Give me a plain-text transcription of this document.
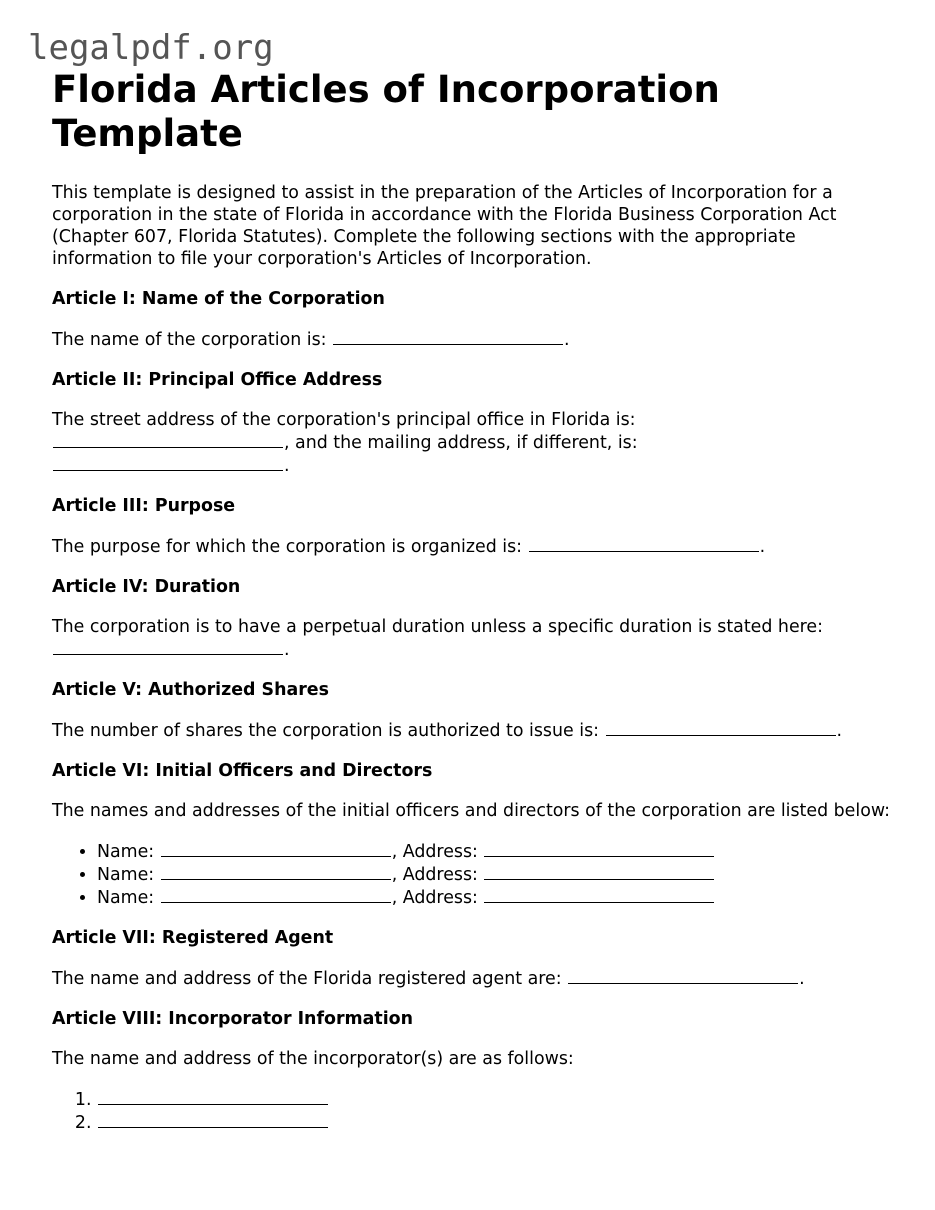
legalpdf.org
Florida Articles of Incorporation Template

This template is designed to assist in the preparation of the Articles of Incorporation for a corporation in the state of Florida in accordance with the Florida Business Corporation Act (Chapter 607, Florida Statutes). Complete the following sections with the appropriate information to file your corporation's Articles of Incorporation.

Article I: Name of the Corporation

The name of the corporation is:	.

Article II: Principal Office Address

The street address of the corporation's principal office in Florida is:
, and the mailing address, if different, is:
.

Article III: Purpose

The purpose for which the corporation is organized is:	.

Article IV: Duration

The corporation is to have a perpetual duration unless a specific duration is stated here:
.

Article V: Authorized Shares

The number of shares the corporation is authorized to issue is:	.

Article VI: Initial Officers and Directors

The names and addresses of the initial officers and directors of the corporation are listed below:

• Name:	, Address:
• Name:	, Address:
• Name:	, Address:
Article VII: Registered Agent

The name and address of the Florida registered agent are:	.

Article VIII: Incorporator Information

The name and address of the incorporator(s) are as follows:

1.
2.
